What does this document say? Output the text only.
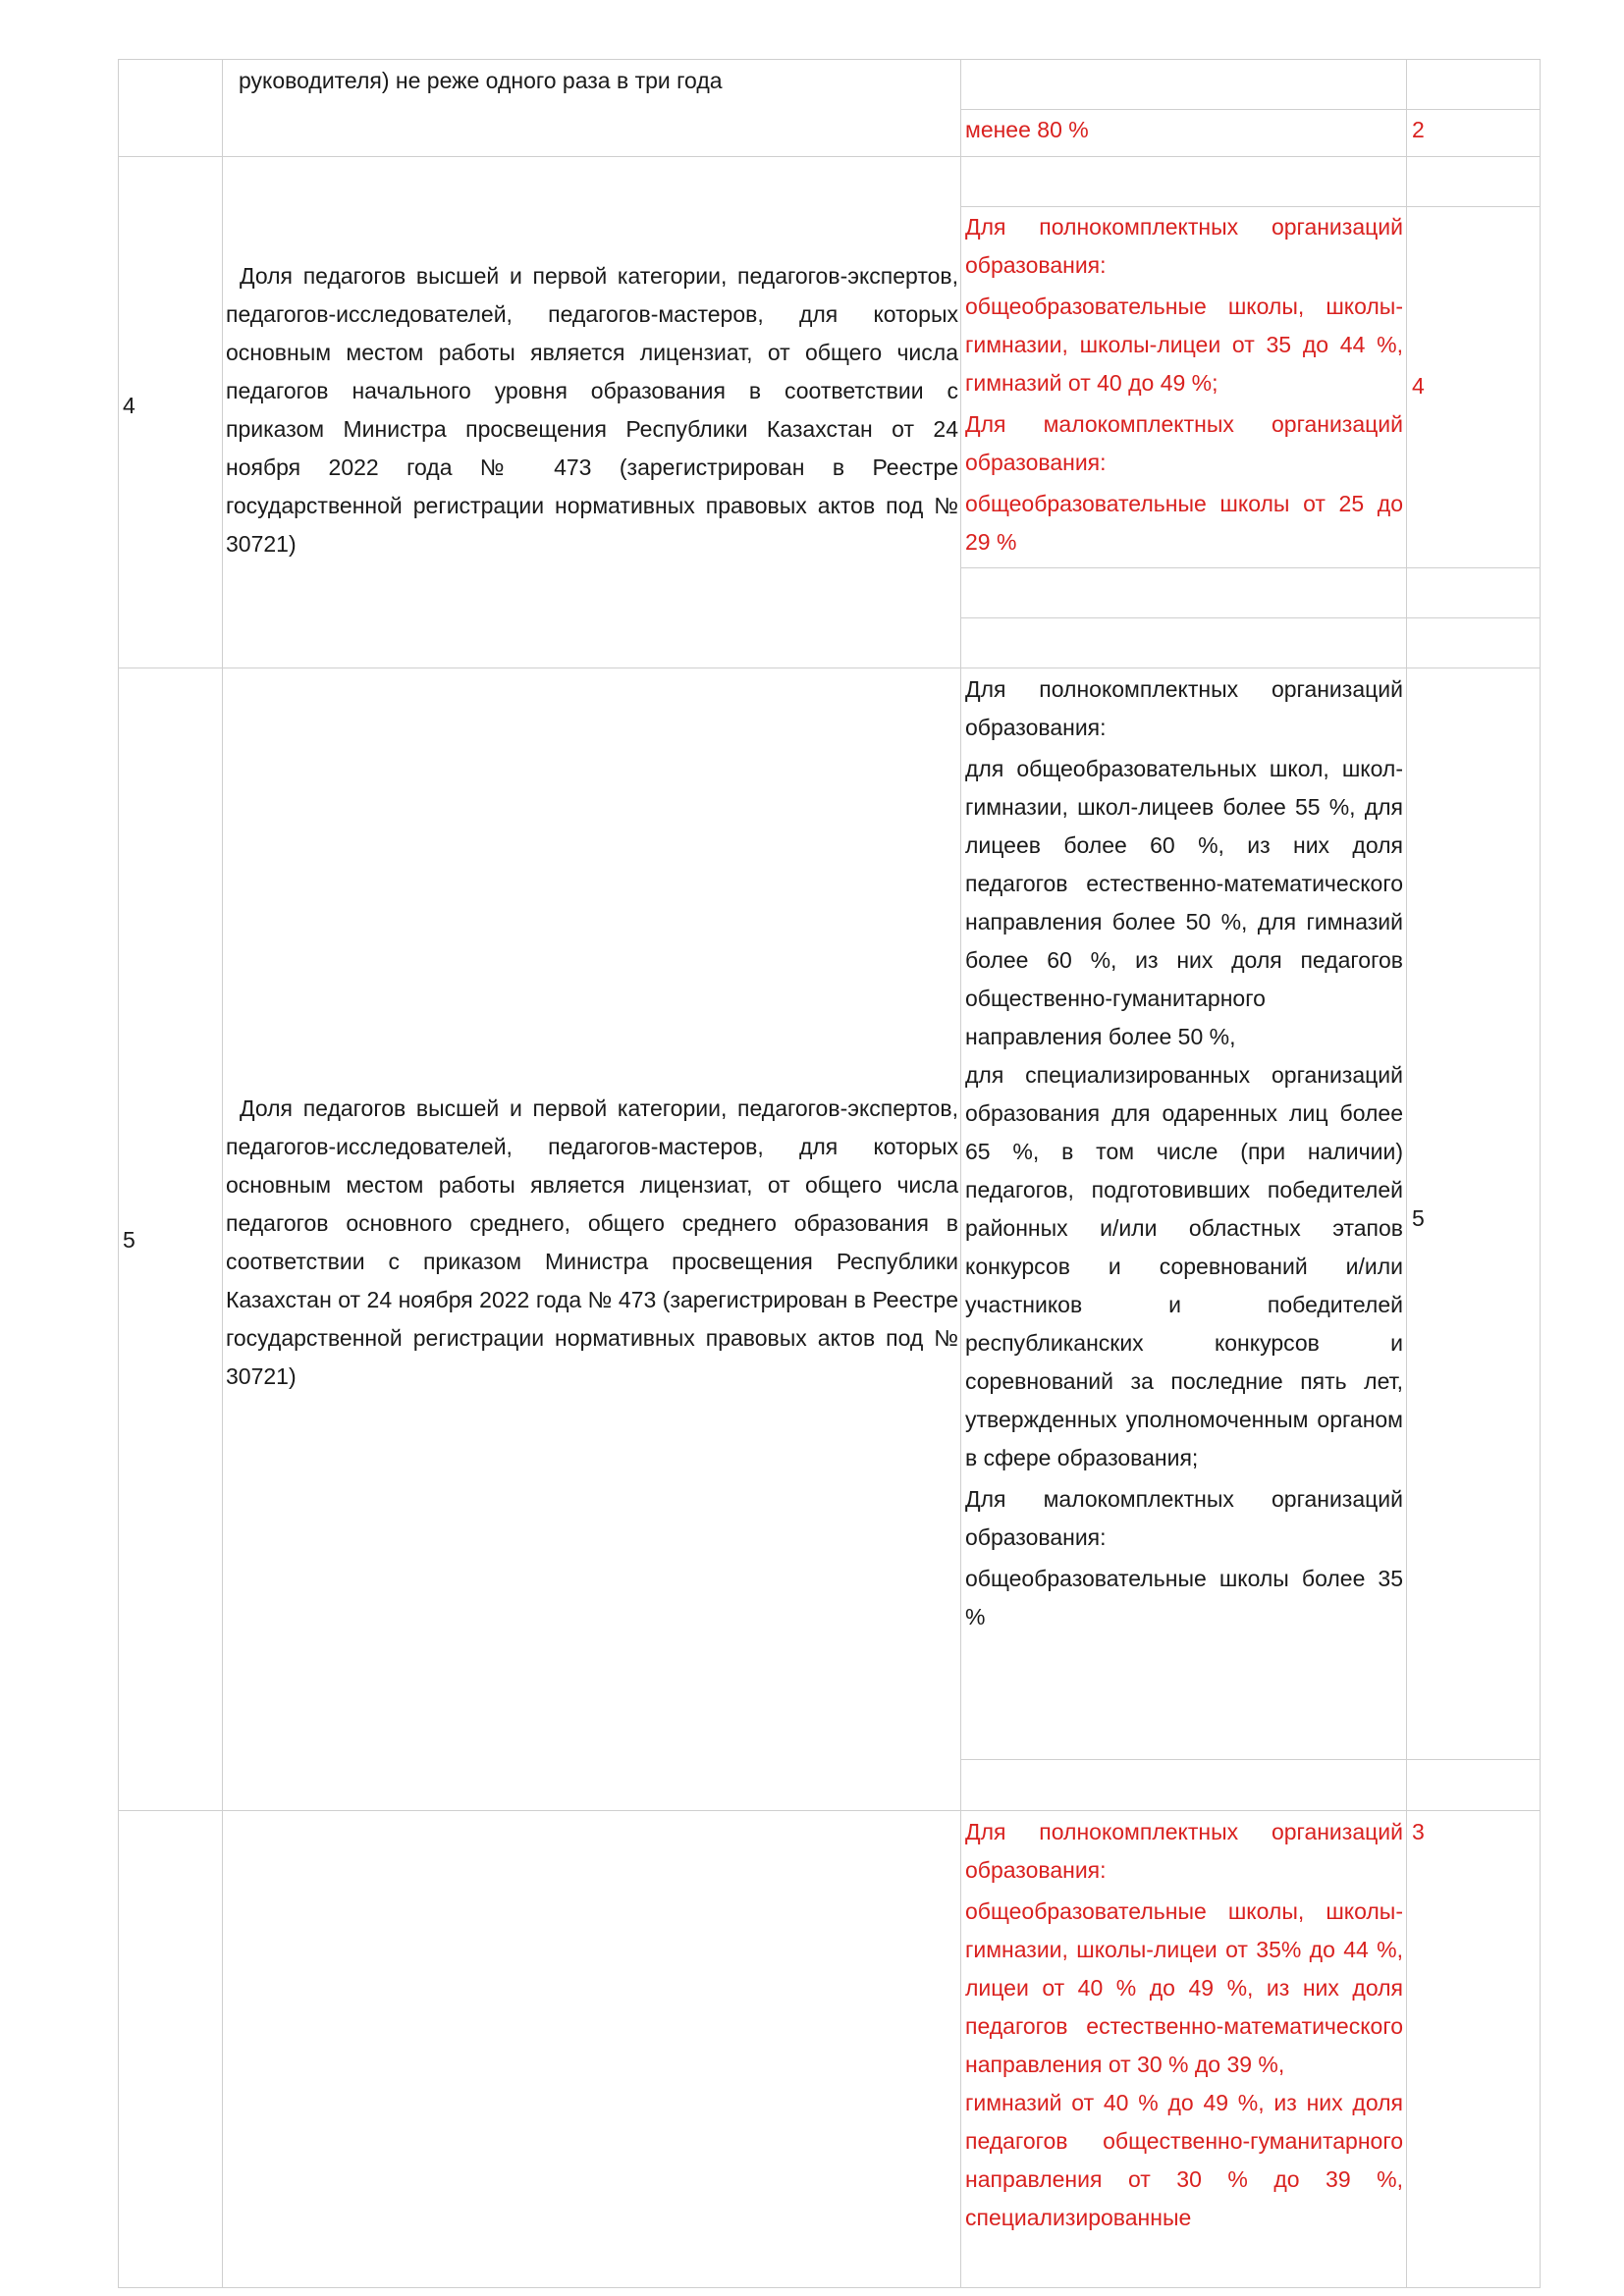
руководителя) не реже одного раза в три года
менее 80 %	2
4
Доля педагогов высшей и первой категории, педагогов-экспертов, педагогов-исследователей, педагогов-мастеров, для которых основным местом работы является лицензиат, от общего числа педагогов начального уровня образования в соответствии с приказом Министра просвещения Республики Казахстан от 24 ноября 2022 года № 473 (зарегистрирован в Реестре государственной регистрации нормативных правовых актов под № 30721)

Для полнокомплектных организаций образования:

общеобразовательные школы, школы-гимназии, школы-лицеи от 35 до 44 %, гимназий от 40 до 49 %;

Для малокомплектных организаций образования:

общеобразовательные школы от 25 до 29 %

4
5
Доля педагогов высшей и первой категории, педагогов-экспертов, педагогов-исследователей, педагогов-мастеров, для которых основным местом работы является лицензиат, от общего числа педагогов основного среднего, общего среднего образования в соответствии с приказом Министра просвещения Республики Казахстан от 24 ноября 2022 года № 473 (зарегистрирован в Реестре государственной регистрации нормативных правовых актов под № 30721)

Для полнокомплектных организаций образования:

для общеобразовательных школ, школ-гимназии, школ-лицеев более 55 %, для лицеев более 60 %, из них доля педагогов естественно-математического направления более 50 %, для гимназий более 60 %, из них доля педагогов общественно-гуманитарного направления более 50 %,

для специализированных организаций образования для одаренных лиц более 65 %, в том числе (при наличии) педагогов, подготовивших победителей районных и/или областных этапов конкурсов и соревнований и/или участников и победителей республиканских конкурсов и соревнований за последние пять лет, утвержденных уполномоченным органом в сфере образования;

Для малокомплектных организаций образования:

общеобразовательные школы более 35 %

5

Для полнокомплектных организаций образования:

общеобразовательные школы, школы-гимназии, школы-лицеи от 35% до 44 %, лицеи от 40 % до 49 %, из них доля педагогов естественно-математического направления от 30 % до 39 %,

гимназий от 40 % до 49 %, из них доля педагогов общественно-гуманитарного направления от 30 % до 39 %, специализированные

3
